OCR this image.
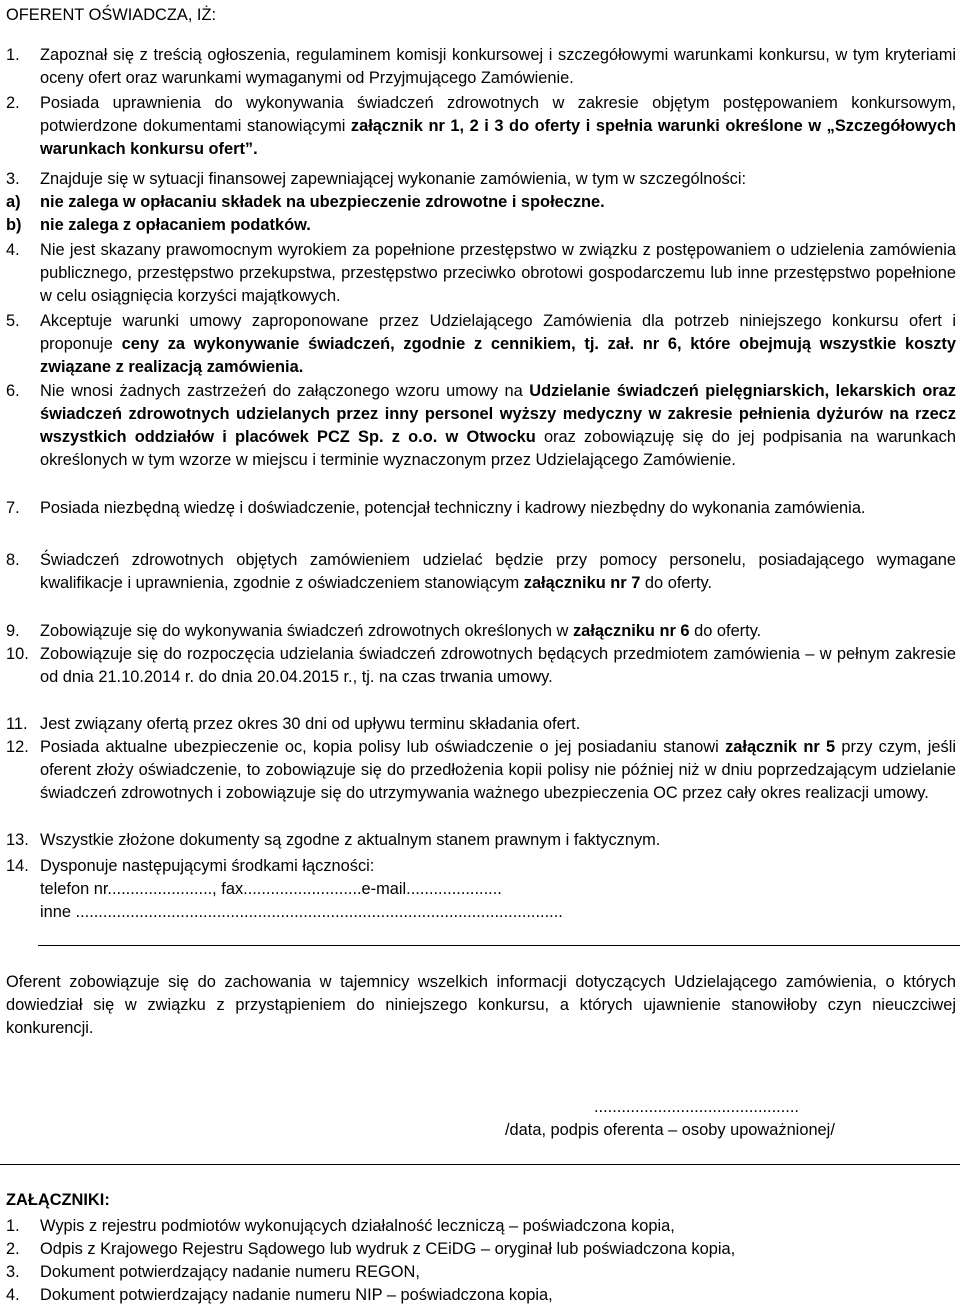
OFERENT OŚWIADCZA, IŻ:
1. Zapoznał się z treścią ogłoszenia, regulaminem komisji konkursowej i szczegółowymi warunkami konkursu, w tym kryteriami oceny ofert oraz warunkami wymaganymi od Przyjmującego Zamówienie.
2. Posiada uprawnienia do wykonywania świadczeń zdrowotnych w zakresie objętym postępowaniem konkursowym, potwierdzone dokumentami stanowiącymi załącznik nr 1, 2 i 3 do oferty i spełnia warunki określone w „Szczegółowych warunkach konkursu ofert”.
3. Znajduje się w sytuacji finansowej zapewniającej wykonanie zamówienia, w tym w szczególności:
a) nie zalega w opłacaniu składek na ubezpieczenie zdrowotne i społeczne.
b) nie zalega z opłacaniem podatków.
4. Nie jest skazany prawomocnym wyrokiem za popełnione przestępstwo w związku z postępowaniem o udzielenia zamówienia publicznego, przestępstwo przekupstwa, przestępstwo przeciwko obrotowi gospodarczemu lub inne przestępstwo popełnione w celu osiągnięcia korzyści majątkowych.
5. Akceptuje warunki umowy zaproponowane przez Udzielającego Zamówienia dla potrzeb niniejszego konkursu ofert i proponuje ceny za wykonywanie świadczeń, zgodnie z cennikiem, tj. zał. nr 6, które obejmują wszystkie koszty związane z realizacją zamówienia.
6. Nie wnosi żadnych zastrzeżeń do załączonego wzoru umowy na Udzielanie świadczeń pielęgniarskich, lekarskich oraz świadczeń zdrowotnych udzielanych przez inny personel wyższy medyczny w zakresie pełnienia dyżurów na rzecz wszystkich oddziałów i placówek PCZ Sp. z o.o. w Otwocku oraz zobowiązuję się do jej podpisania na warunkach określonych w tym wzorze w miejscu i terminie wyznaczonym przez Udzielającego Zamówienie.
7. Posiada niezbędną wiedzę i doświadczenie, potencjał techniczny i kadrowy niezbędny do wykonania zamówienia.
8. Świadczeń zdrowotnych objętych zamówieniem udzielać będzie przy pomocy personelu, posiadającego wymagane kwalifikacje i uprawnienia, zgodnie z oświadczeniem stanowiącym załączniku nr 7 do oferty.
9. Zobowiązuje się do wykonywania świadczeń zdrowotnych określonych w załączniku nr 6 do oferty.
10. Zobowiązuje się do rozpoczęcia udzielania świadczeń zdrowotnych będących przedmiotem zamówienia – w pełnym zakresie od dnia 21.10.2014 r. do dnia 20.04.2015 r., tj. na czas trwania umowy.
11. Jest związany ofertą przez okres 30 dni od upływu terminu składania ofert.
12. Posiada aktualne ubezpieczenie oc, kopia polisy lub oświadczenie o jej posiadaniu stanowi załącznik nr 5 przy czym, jeśli oferent złoży oświadczenie, to zobowiązuje się do przedłożenia kopii polisy nie później niż w dniu poprzedzającym udzielanie świadczeń zdrowotnych i zobowiązuje się do utrzymywania ważnego ubezpieczenia OC przez cały okres realizacji umowy.
13. Wszystkie złożone dokumenty są zgodne z aktualnym stanem prawnym i faktycznym.
14. Dysponuje następującymi środkami łączności:
telefon nr......................., fax..........................e-mail.....................
inne ...........................................................................................................
Oferent zobowiązuje się do zachowania w tajemnicy wszelkich informacji dotyczących Udzielającego zamówienia, o których dowiedział się w związku z przystąpieniem do niniejszego konkursu, a których ujawnienie stanowiłoby czyn nieuczciwej konkurencji.
.............................................
/data, podpis oferenta – osoby upoważnionej/
ZAŁĄCZNIKI:
1. Wypis z rejestru podmiotów wykonujących działalność leczniczą – poświadczona kopia,
2. Odpis z Krajowego Rejestru Sądowego lub wydruk z CEiDG – oryginał lub poświadczona kopia,
3. Dokument potwierdzający nadanie numeru REGON,
4. Dokument potwierdzający nadanie numeru NIP – poświadczona kopia,
